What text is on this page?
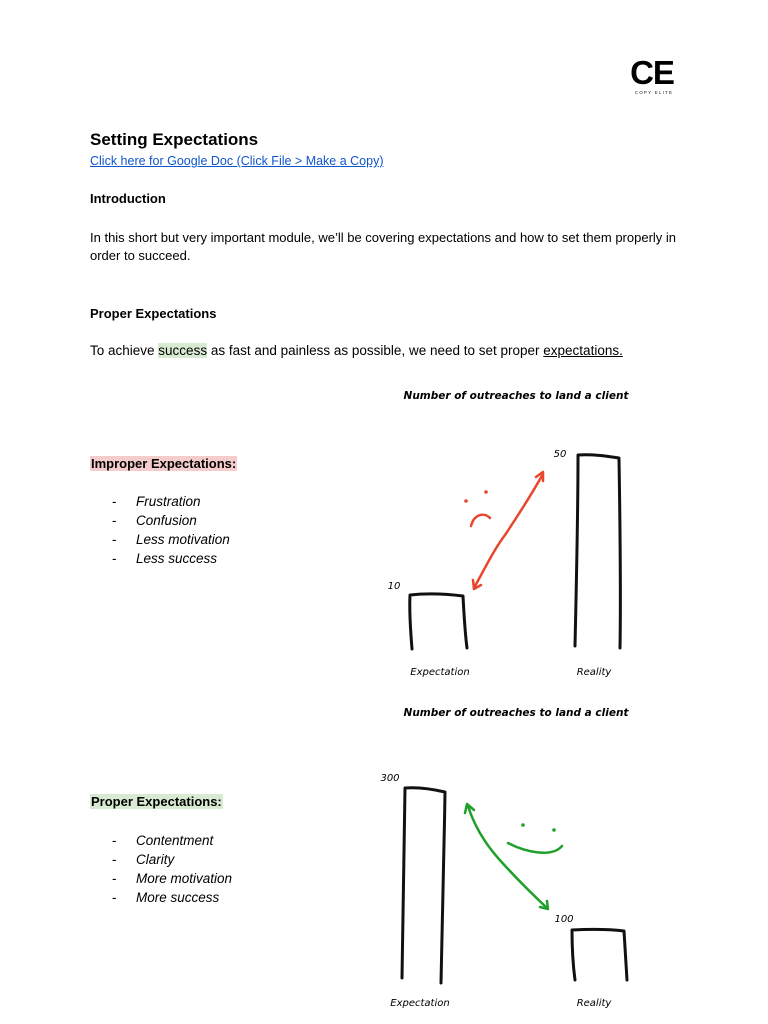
CE
COPY ELITE
Setting Expectations
Click here for Google Doc (Click File > Make a Copy)
Introduction
In this short but very important module, we’ll be covering expectations and how to set them properly in order to succeed.
Proper Expectations
To achieve success as fast and painless as possible, we need to set proper expectations.
Improper Expectations:
-	Frustration
-	Confusion
-	Less motivation
-	Less success
Proper Expectations:
-	Contentment
-	Clarity
-	More motivation
-	More success
Number of outreaches to land a client
10
50
Expectation	Reality
Number of outreaches to land a client
300
100
Expectation	Reality
